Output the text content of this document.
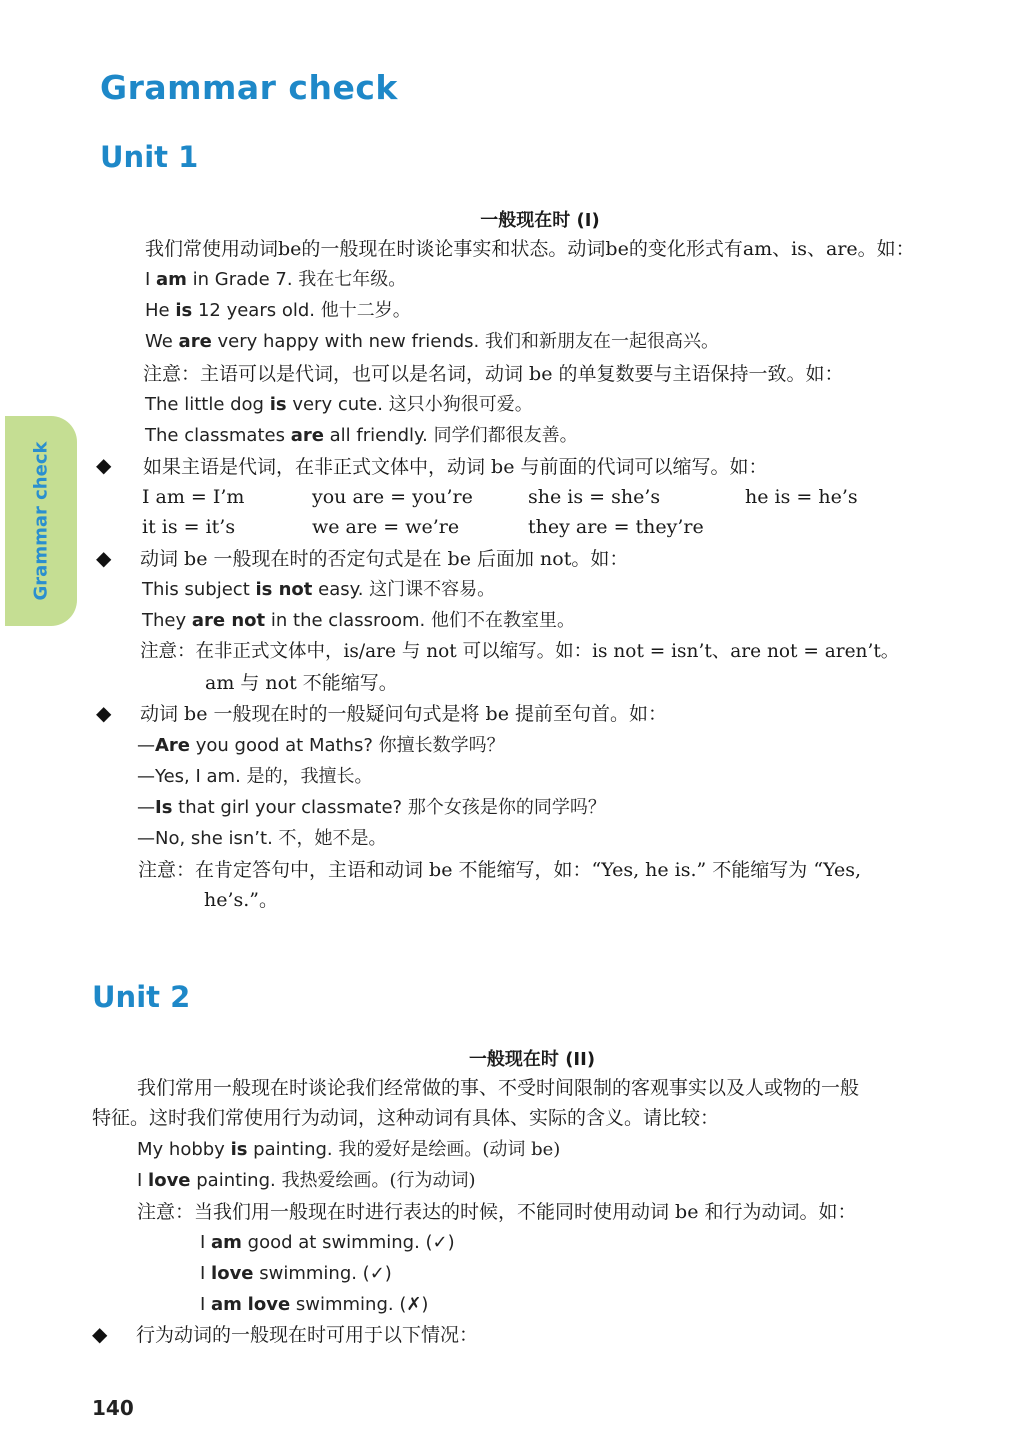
Grammar check
Grammar check
Unit 1
一般现在时 (I)
我们常使用动词be的一般现在时谈论事实和状态。动词be的变化形式有am、is、are。如：
I am in Grade 7. 我在七年级。
He is 12 years old. 他十二岁。
We are very happy with new friends. 我们和新朋友在一起很高兴。
注意：主语可以是代词，也可以是名词，动词 be 的单复数要与主语保持一致。如：
The little dog is very cute. 这只小狗很可爱。
The classmates are all friendly. 同学们都很友善。
◆ 如果主语是代词，在非正式文体中，动词 be 与前面的代词可以缩写。如：
I am = I’m	you are = you’re	she is = she’s	he is = he’s
it is = it’s	we are = we’re	they are = they’re
◆ 动词 be 一般现在时的否定句式是在 be 后面加 not。如：
This subject is not easy. 这门课不容易。
They are not in the classroom. 他们不在教室里。
注意：在非正式文体中，is/are 与 not 可以缩写。如：is not = isn’t、are not = aren’t。
am 与 not 不能缩写。
◆ 动词 be 一般现在时的一般疑问句式是将 be 提前至句首。如：
—Are you good at Maths? 你擅长数学吗？
—Yes, I am. 是的，我擅长。
—Is that girl your classmate? 那个女孩是你的同学吗？
—No, she isn’t. 不，她不是。
注意：在肯定答句中，主语和动词 be 不能缩写，如：“Yes, he is.” 不能缩写为 “Yes,
he’s.”。
Unit 2
一般现在时 (II)
我们常用一般现在时谈论我们经常做的事、不受时间限制的客观事实以及人或物的一般
特征。这时我们常使用行为动词，这种动词有具体、实际的含义。请比较：
My hobby is painting. 我的爱好是绘画。(动词 be)
I love painting. 我热爱绘画。(行为动词)
注意：当我们用一般现在时进行表达的时候，不能同时使用动词 be 和行为动词。如：
I am good at swimming. (✓)
I love swimming. (✓)
I am love swimming. (✗)
◆ 行为动词的一般现在时可用于以下情况：
140
